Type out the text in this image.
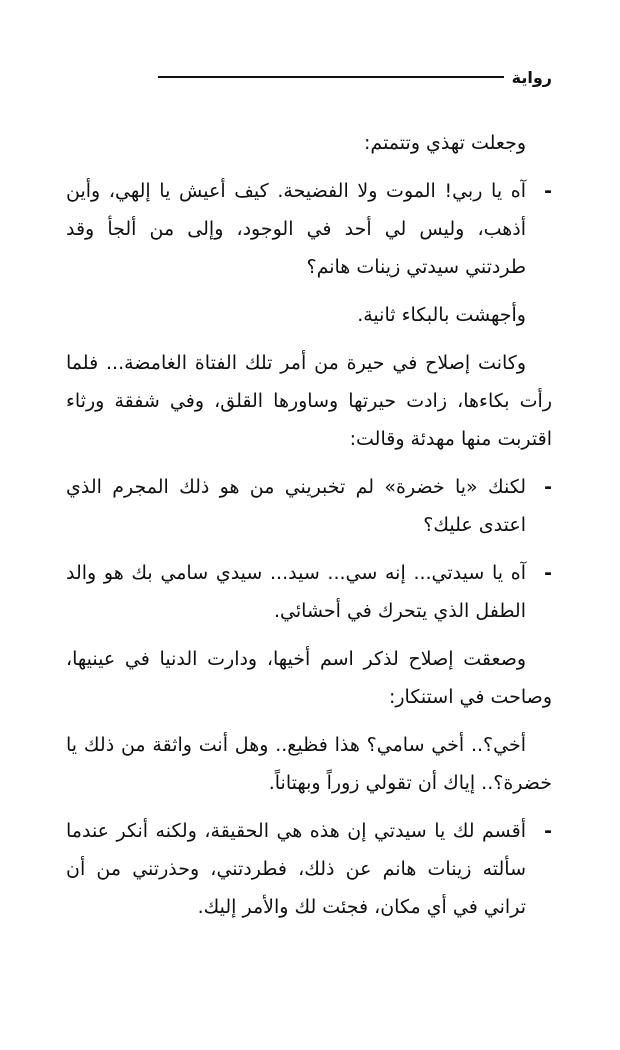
رواية

وجعلت تهذي وتتمتم:

-
آه يا ربي! الموت ولا الفضيحة. كيف أعيش يا إلهي، وأين أذهب، وليس لي أحد في الوجود، وإلى من ألجأ وقد طردتني سيدتي زينات هانم؟

وأجهشت بالبكاء ثانية.

وكانت إصلاح في حيرة من أمر تلك الفتاة الغامضة... فلما رأت بكاءها، زادت حيرتها وساورها القلق، وفي شفقة ورثاء اقتربت منها مهدئة وقالت:

-
لكنك «يا خضرة» لم تخبريني من هو ذلك المجرم الذي اعتدى عليك؟

-
آه يا سيدتي... إنه سي... سيد... سيدي سامي بك هو والد الطفل الذي يتحرك في أحشائي.

وصعقت إصلاح لذكر اسم أخيها، ودارت الدنيا في عينيها، وصاحت في استنكار:

أخي؟.. أخي سامي؟ هذا فظيع.. وهل أنت واثقة من ذلك يا خضرة؟.. إياك أن تقولي زوراً وبهتاناً.

-
أقسم لك يا سيدتي إن هذه هي الحقيقة، ولكنه أنكر عندما سألته زينات هانم عن ذلك، فطردتني، وحذرتني من أن تراني في أي مكان، فجئت لك والأمر إليك.
